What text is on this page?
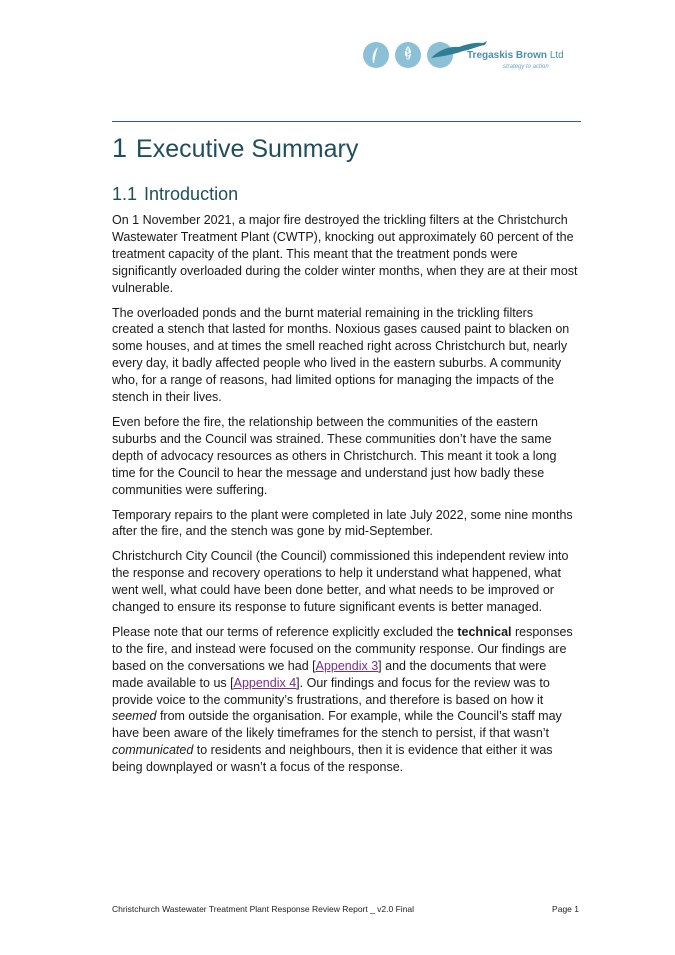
Tregaskis Brown Ltd
strategy to action
1 Executive Summary
1.1 Introduction

On 1 November 2021, a major fire destroyed the trickling filters at the Christchurch Wastewater Treatment Plant (CWTP), knocking out approximately 60 percent of the treatment capacity of the plant. This meant that the treatment ponds were significantly overloaded during the colder winter months, when they are at their most vulnerable.

The overloaded ponds and the burnt material remaining in the trickling filters created a stench that lasted for months. Noxious gases caused paint to blacken on some houses, and at times the smell reached right across Christchurch but, nearly every day, it badly affected people who lived in the eastern suburbs. A community who, for a range of reasons, had limited options for managing the impacts of the stench in their lives.

Even before the fire, the relationship between the communities of the eastern suburbs and the Council was strained. These communities don’t have the same depth of advocacy resources as others in Christchurch. This meant it took a long time for the Council to hear the message and understand just how badly these communities were suffering.

Temporary repairs to the plant were completed in late July 2022, some nine months after the fire, and the stench was gone by mid-September.

Christchurch City Council (the Council) commissioned this independent review into the response and recovery operations to help it understand what happened, what went well, what could have been done better, and what needs to be improved or changed to ensure its response to future significant events is better managed.

Please note that our terms of reference explicitly excluded the technical responses to the fire, and instead were focused on the community response. Our findings are based on the conversations we had [Appendix 3] and the documents that were made available to us [Appendix 4]. Our findings and focus for the review was to provide voice to the community’s frustrations, and therefore is based on how it seemed from outside the organisation. For example, while the Council’s staff may have been aware of the likely timeframes for the stench to persist, if that wasn’t communicated to residents and neighbours, then it is evidence that either it was being downplayed or wasn’t a focus of the response.

Christchurch Wastewater Treatment Plant Response Review Report _ v2.0 Final	Page 1
